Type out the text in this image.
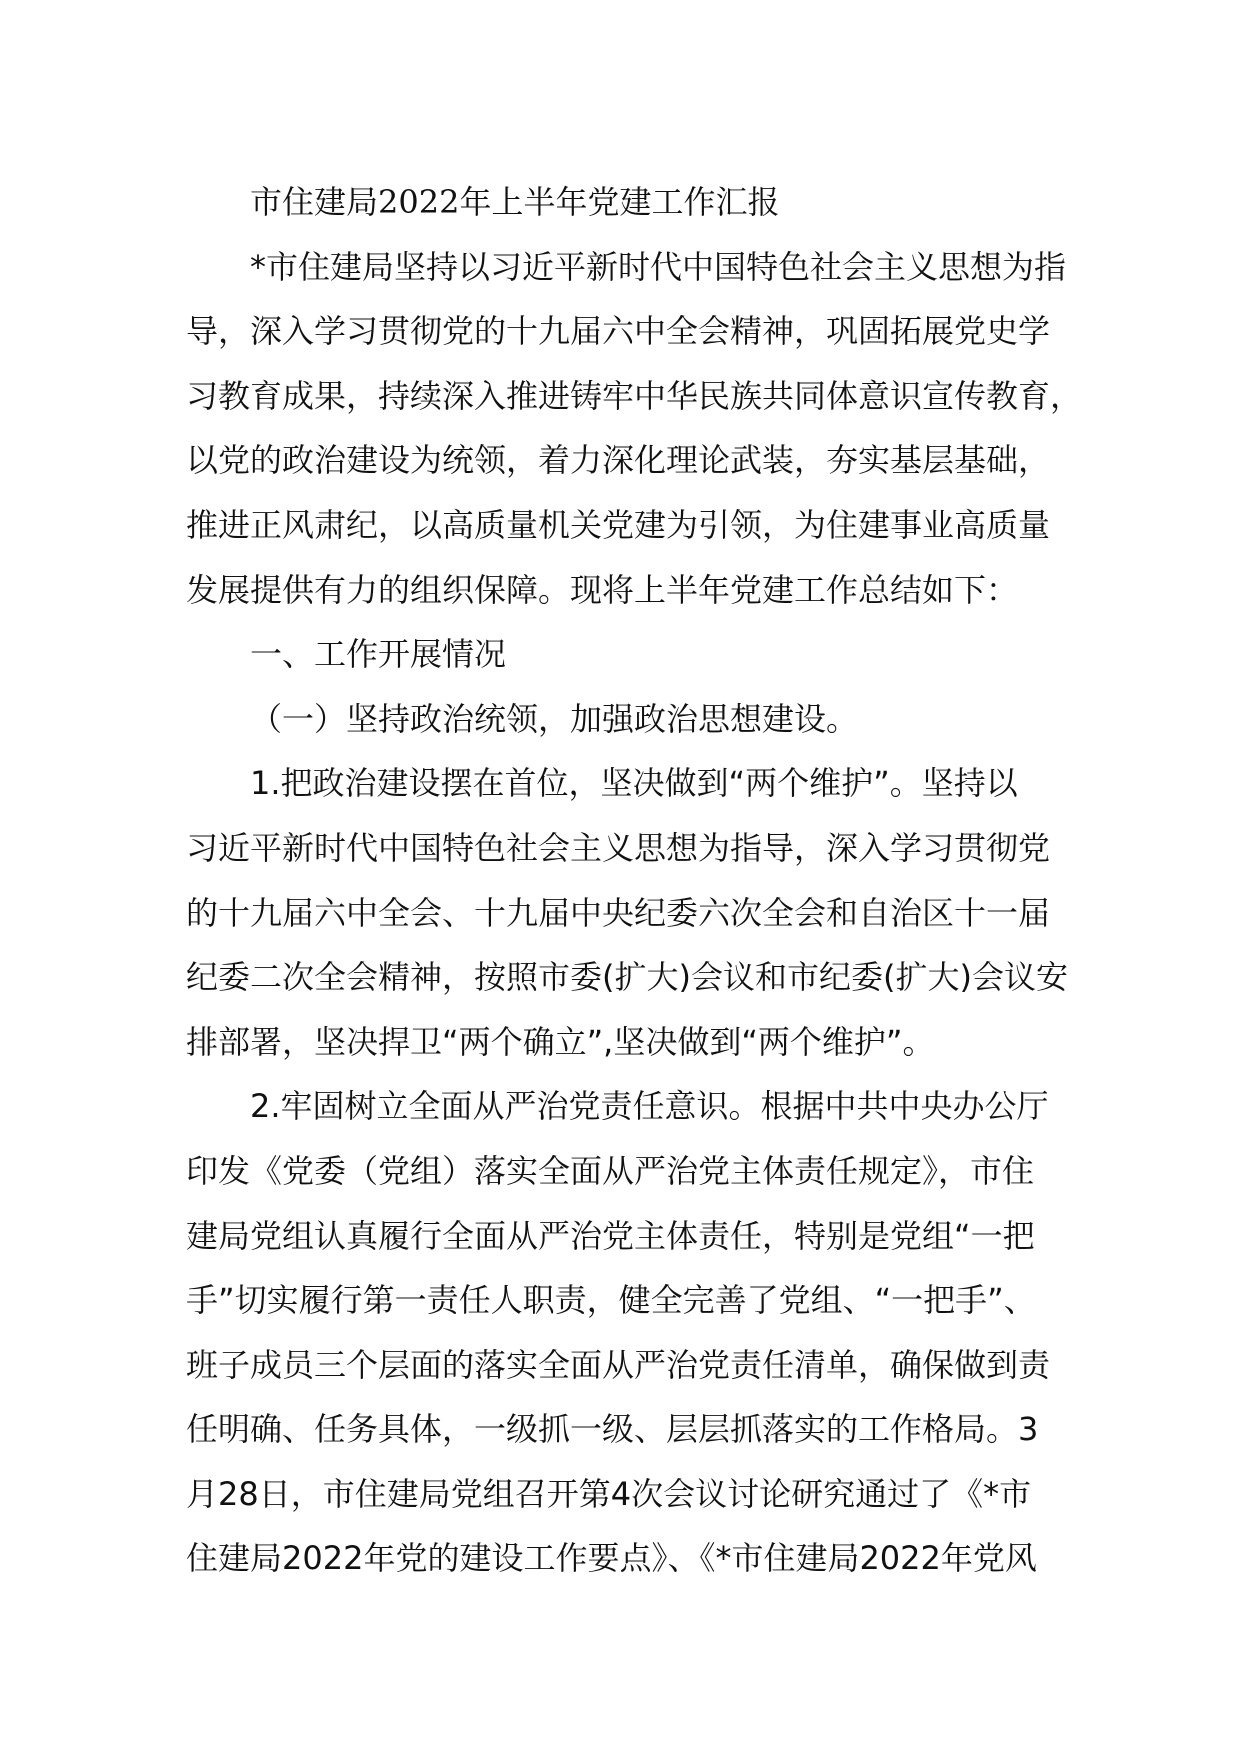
市住建局2022年上半年党建工作汇报
*市住建局坚持以习近平新时代中国特色社会主义思想为指
导，深入学习贯彻党的十九届六中全会精神，巩固拓展党史学
习教育成果，持续深入推进铸牢中华民族共同体意识宣传教育，
以党的政治建设为统领，着力深化理论武装，夯实基层基础，
推进正风肃纪，以高质量机关党建为引领，为住建事业高质量
发展提供有力的组织保障。现将上半年党建工作总结如下：
一、工作开展情况
（一）坚持政治统领，加强政治思想建设。
1.把政治建设摆在首位，坚决做到“两个维护”。坚持以
习近平新时代中国特色社会主义思想为指导，深入学习贯彻党
的十九届六中全会、十九届中央纪委六次全会和自治区十一届
纪委二次全会精神，按照市委(扩大)会议和市纪委(扩大)会议安
排部署，坚决捍卫“两个确立”,坚决做到“两个维护”。
2.牢固树立全面从严治党责任意识。根据中共中央办公厅
印发《党委（党组）落实全面从严治党主体责任规定》，市住
建局党组认真履行全面从严治党主体责任，特别是党组“一把
手”切实履行第一责任人职责，健全完善了党组、“一把手”、
班子成员三个层面的落实全面从严治党责任清单，确保做到责
任明确、任务具体，一级抓一级、层层抓落实的工作格局。3
月28日，市住建局党组召开第4次会议讨论研究通过了《*市
住建局2022年党的建设工作要点》、《*市住建局2022年党风
